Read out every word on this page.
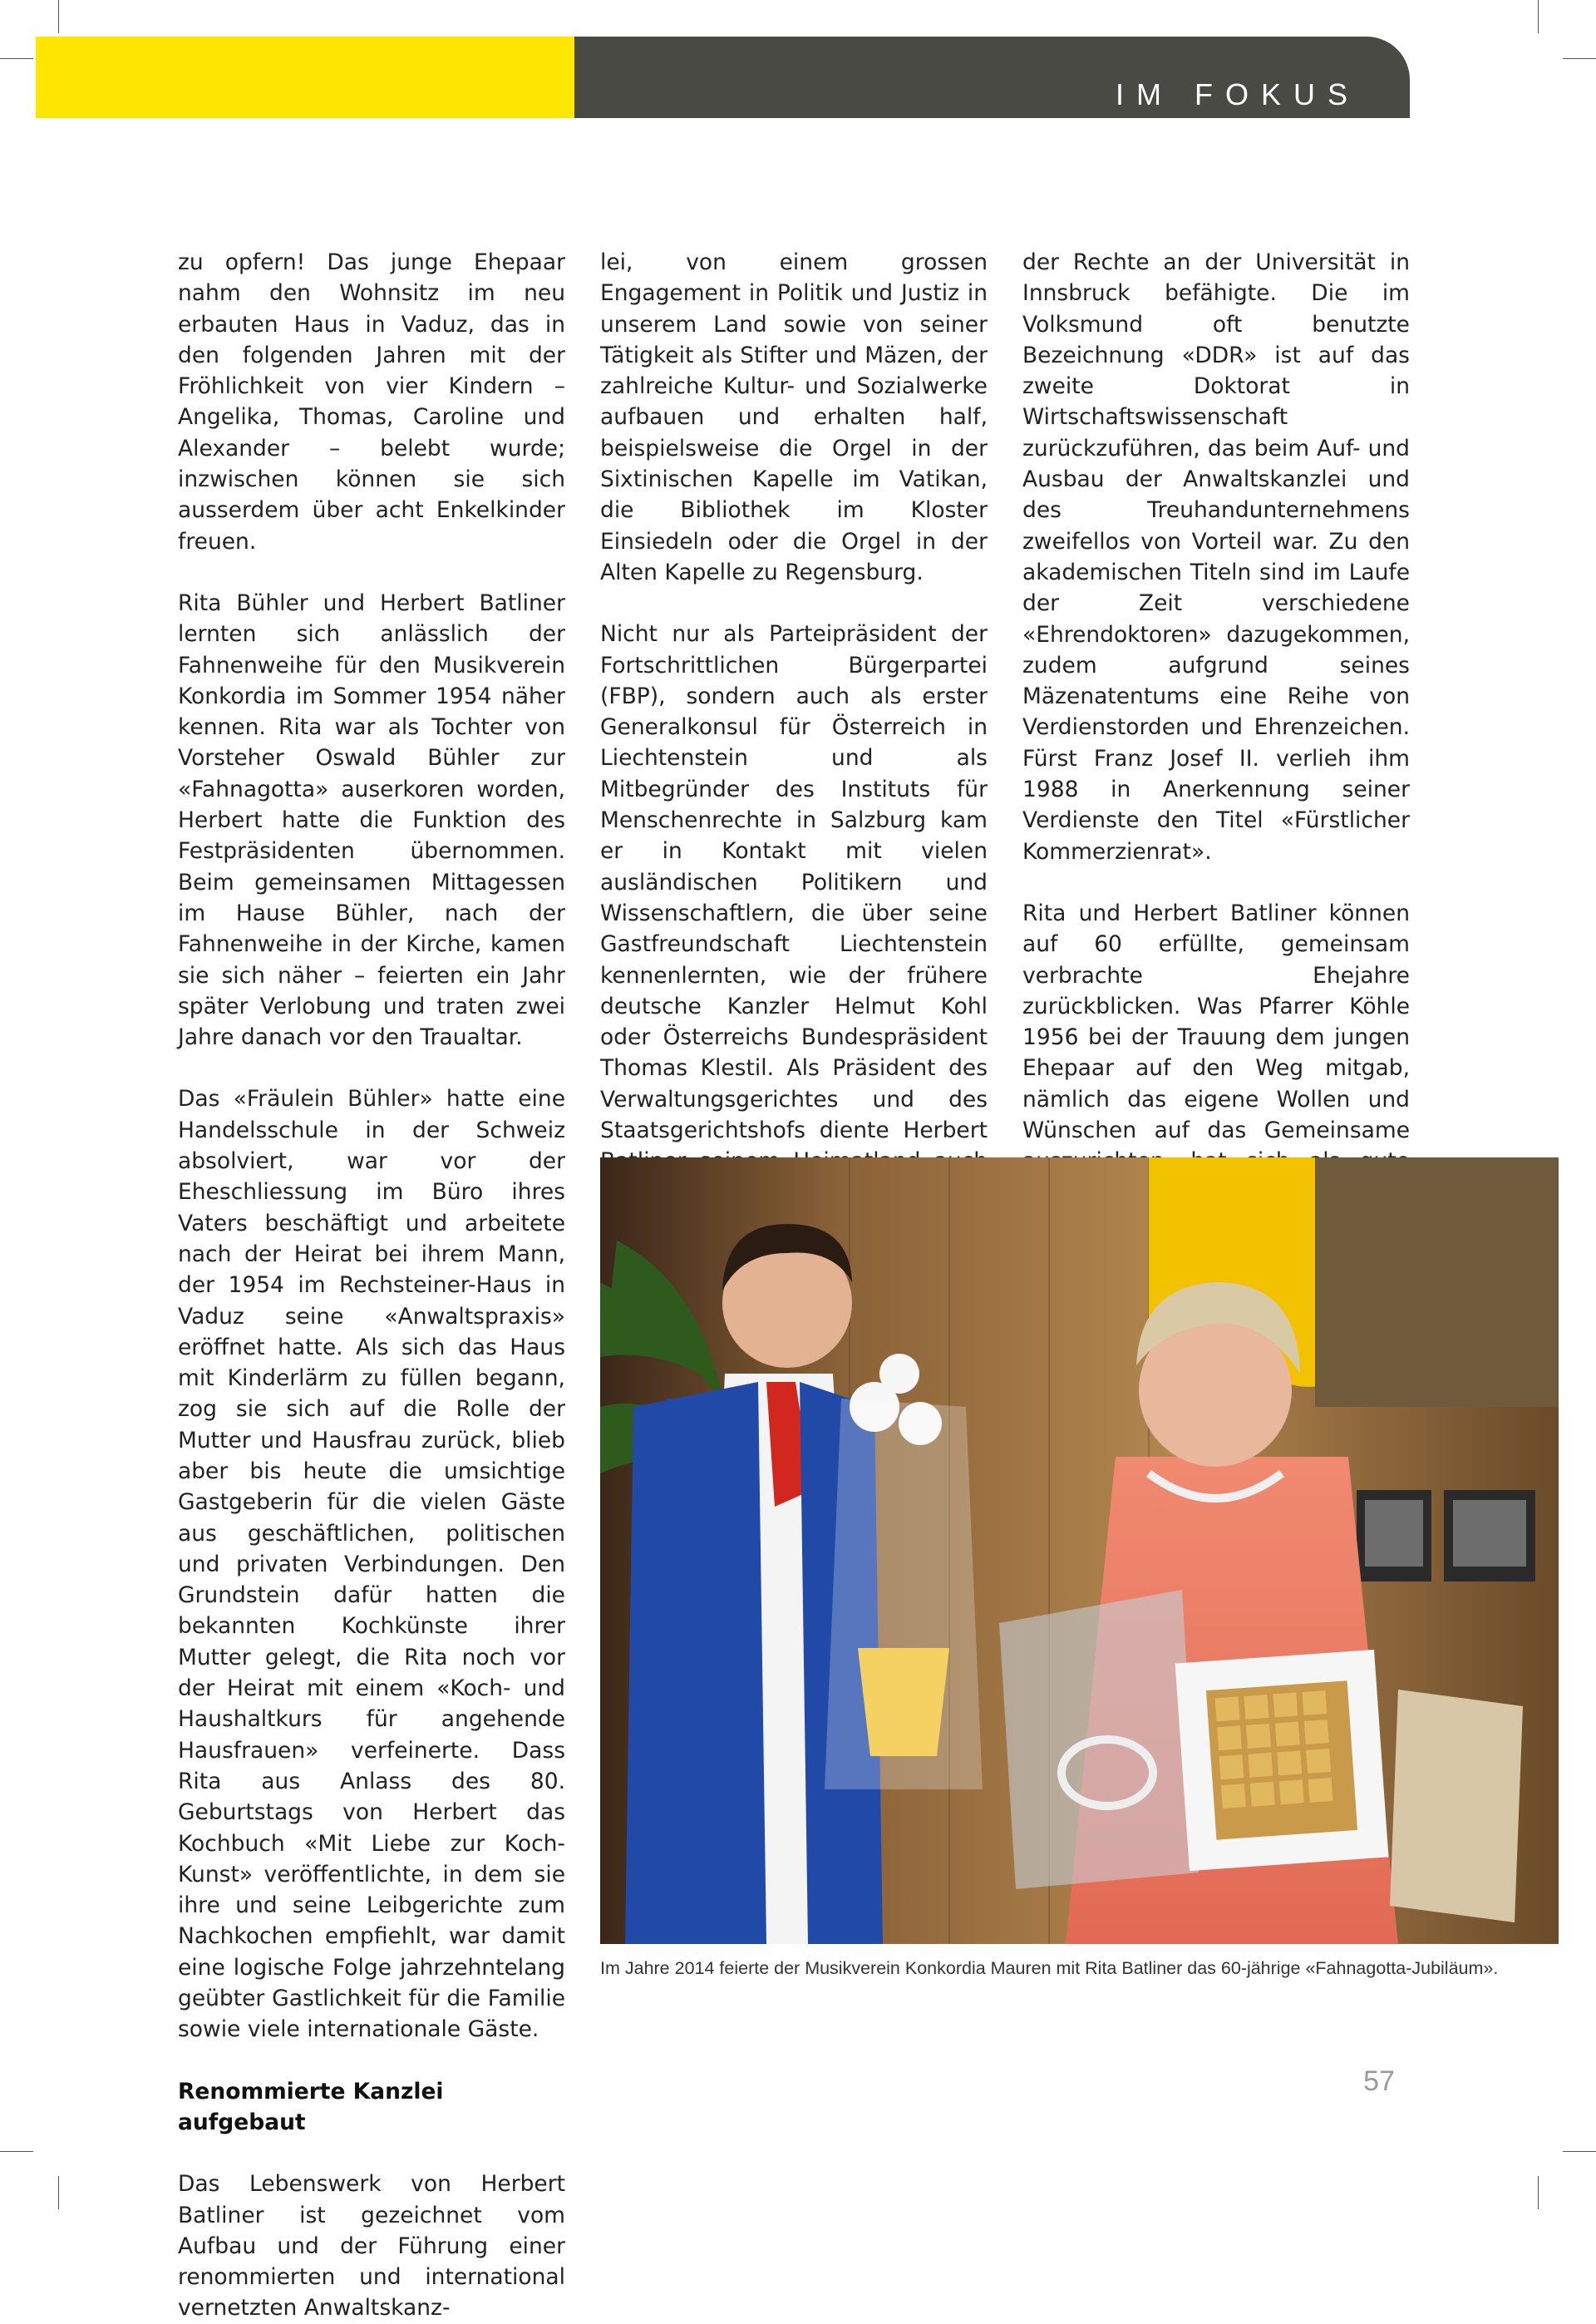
IM FOKUS

zu opfern! Das junge Ehepaar nahm den Wohnsitz im neu erbauten Haus in Vaduz, das in den folgenden Jahren mit der Fröhlichkeit von vier Kindern – Angelika, Thomas, Caroline und Alexander – belebt wurde; inzwischen können sie sich ausserdem über acht Enkelkinder freuen.

Rita Bühler und Herbert Batliner lernten sich anlässlich der Fahnenweihe für den Musikverein Konkordia im Sommer 1954 näher kennen. Rita war als Tochter von Vorsteher Oswald Bühler zur «Fahnagotta» auserkoren worden, Herbert hatte die Funktion des Festpräsidenten übernommen. Beim gemeinsamen Mittagessen im Hause Bühler, nach der Fahnenweihe in der Kirche, kamen sie sich näher – feierten ein Jahr später Verlobung und traten zwei Jahre danach vor den Traualtar.

Das «Fräulein Bühler» hatte eine Handelsschule in der Schweiz absolviert, war vor der Eheschliessung im Büro ihres Vaters beschäftigt und arbeitete nach der Heirat bei ihrem Mann, der 1954 im Rechsteiner-Haus in Vaduz seine «Anwaltspraxis» eröffnet hatte. Als sich das Haus mit Kinderlärm zu füllen begann, zog sie sich auf die Rolle der Mutter und Hausfrau zurück, blieb aber bis heute die umsichtige Gastgeberin für die vielen Gäste aus geschäftlichen, politischen und privaten Verbindungen. Den Grundstein dafür hatten die bekannten Kochkünste ihrer Mutter gelegt, die Rita noch vor der Heirat mit einem «Koch- und Haushaltkurs für angehende Hausfrauen» verfeinerte. Dass Rita aus Anlass des 80. Geburtstags von Herbert das Kochbuch «Mit Liebe zur Koch-Kunst» veröffentlichte, in dem sie ihre und seine Leibgerichte zum Nachkochen empfiehlt, war damit eine logische Folge jahrzehntelang geübter Gastlichkeit für die Familie sowie viele internationale Gäste.

Renommierte Kanzlei aufgebaut

Das Lebenswerk von Herbert Batliner ist gezeichnet vom Aufbau und der Führung einer renommierten und international vernetzten Anwaltskanz-

lei, von einem grossen Engagement in Politik und Justiz in unserem Land sowie von seiner Tätigkeit als Stifter und Mäzen, der zahlreiche Kultur- und Sozialwerke aufbauen und erhalten half, beispielsweise die Orgel in der Sixtinischen Kapelle im Vatikan, die Bibliothek im Kloster Einsiedeln oder die Orgel in der Alten Kapelle zu Regensburg.

Nicht nur als Parteipräsident der Fortschrittlichen Bürgerpartei (FBP), sondern auch als erster Generalkonsul für Österreich in Liechtenstein und als Mitbegründer des Instituts für Menschenrechte in Salzburg kam er in Kontakt mit vielen ausländischen Politikern und Wissenschaftlern, die über seine Gastfreundschaft Liechtenstein kennenlernten, wie der frühere deutsche Kanzler Helmut Kohl oder Österreichs Bundespräsident Thomas Klestil. Als Präsident des Verwaltungsgerichtes und des Staatsgerichtshofs diente Herbert

der Rechte an der Universität in Innsbruck befähigte. Die im Volksmund oft benutzte Bezeichnung «DDR» ist auf das zweite Doktorat in Wirtschaftswissenschaft zurückzuführen, das beim Auf- und Ausbau der Anwaltskanzlei und des Treuhandunternehmens zweifellos von Vorteil war. Zu den akademischen Titeln sind im Laufe der Zeit verschiedene «Ehrendoktoren» dazugekommen, zudem aufgrund seines Mäzenatentums eine Reihe von Verdienstorden und Ehrenzeichen. Fürst Franz Josef II. verlieh ihm 1988 in Anerkennung seiner Verdienste den Titel «Fürstlicher Kommerzienrat».

Rita und Herbert Batliner können auf 60 erfüllte, gemeinsam verbrachte Ehejahre zurückblicken. Was Pfarrer Köhle 1956 bei der Trauung dem jungen Ehepaar auf den Weg mitgab, nämlich das eigene Wollen und Wünschen auf das Gemeinsame

Im Jahre 2014 feierte der Musikverein Konkordia Mauren mit Rita Batliner das 60-jährige «Fahnagotta-Jubiläum».
57
